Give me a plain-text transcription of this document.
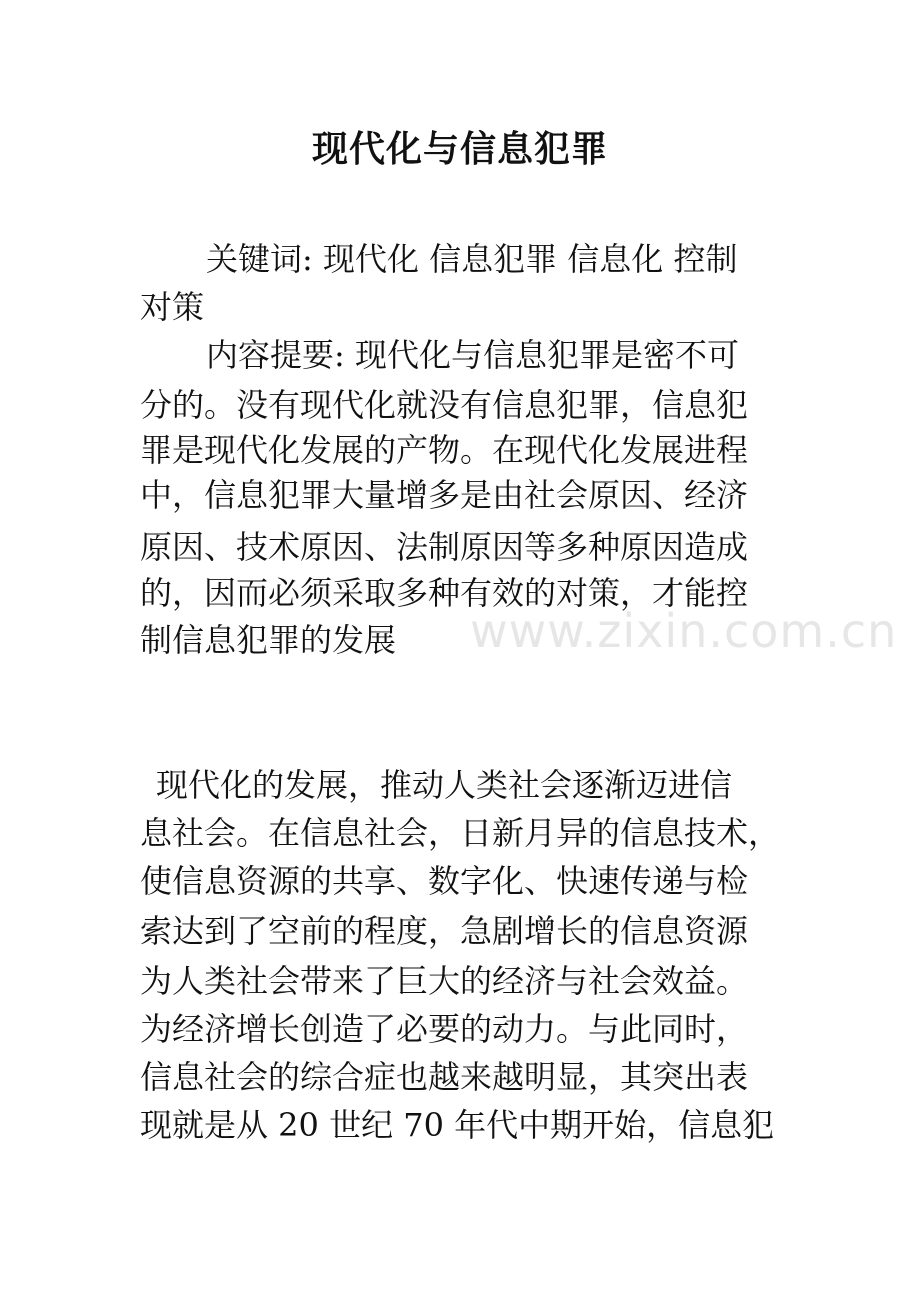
www.zixin.com.cn
现代化与信息犯罪
关键词: 现代化 信息犯罪 信息化 控制
对策
内容提要: 现代化与信息犯罪是密不可
分的。没有现代化就没有信息犯罪，信息犯
罪是现代化发展的产物。在现代化发展进程
中，信息犯罪大量增多是由社会原因、经济
原因、技术原因、法制原因等多种原因造成
的，因而必须采取多种有效的对策，才能控
制信息犯罪的发展
现代化的发展，推动人类社会逐渐迈进信
息社会。在信息社会，日新月异的信息技术，
使信息资源的共享、数字化、快速传递与检
索达到了空前的程度，急剧增长的信息资源
为人类社会带来了巨大的经济与社会效益。
为经济增长创造了必要的动力。与此同时，
信息社会的综合症也越来越明显，其突出表
现就是从 20 世纪 70 年代中期开始，信息犯
